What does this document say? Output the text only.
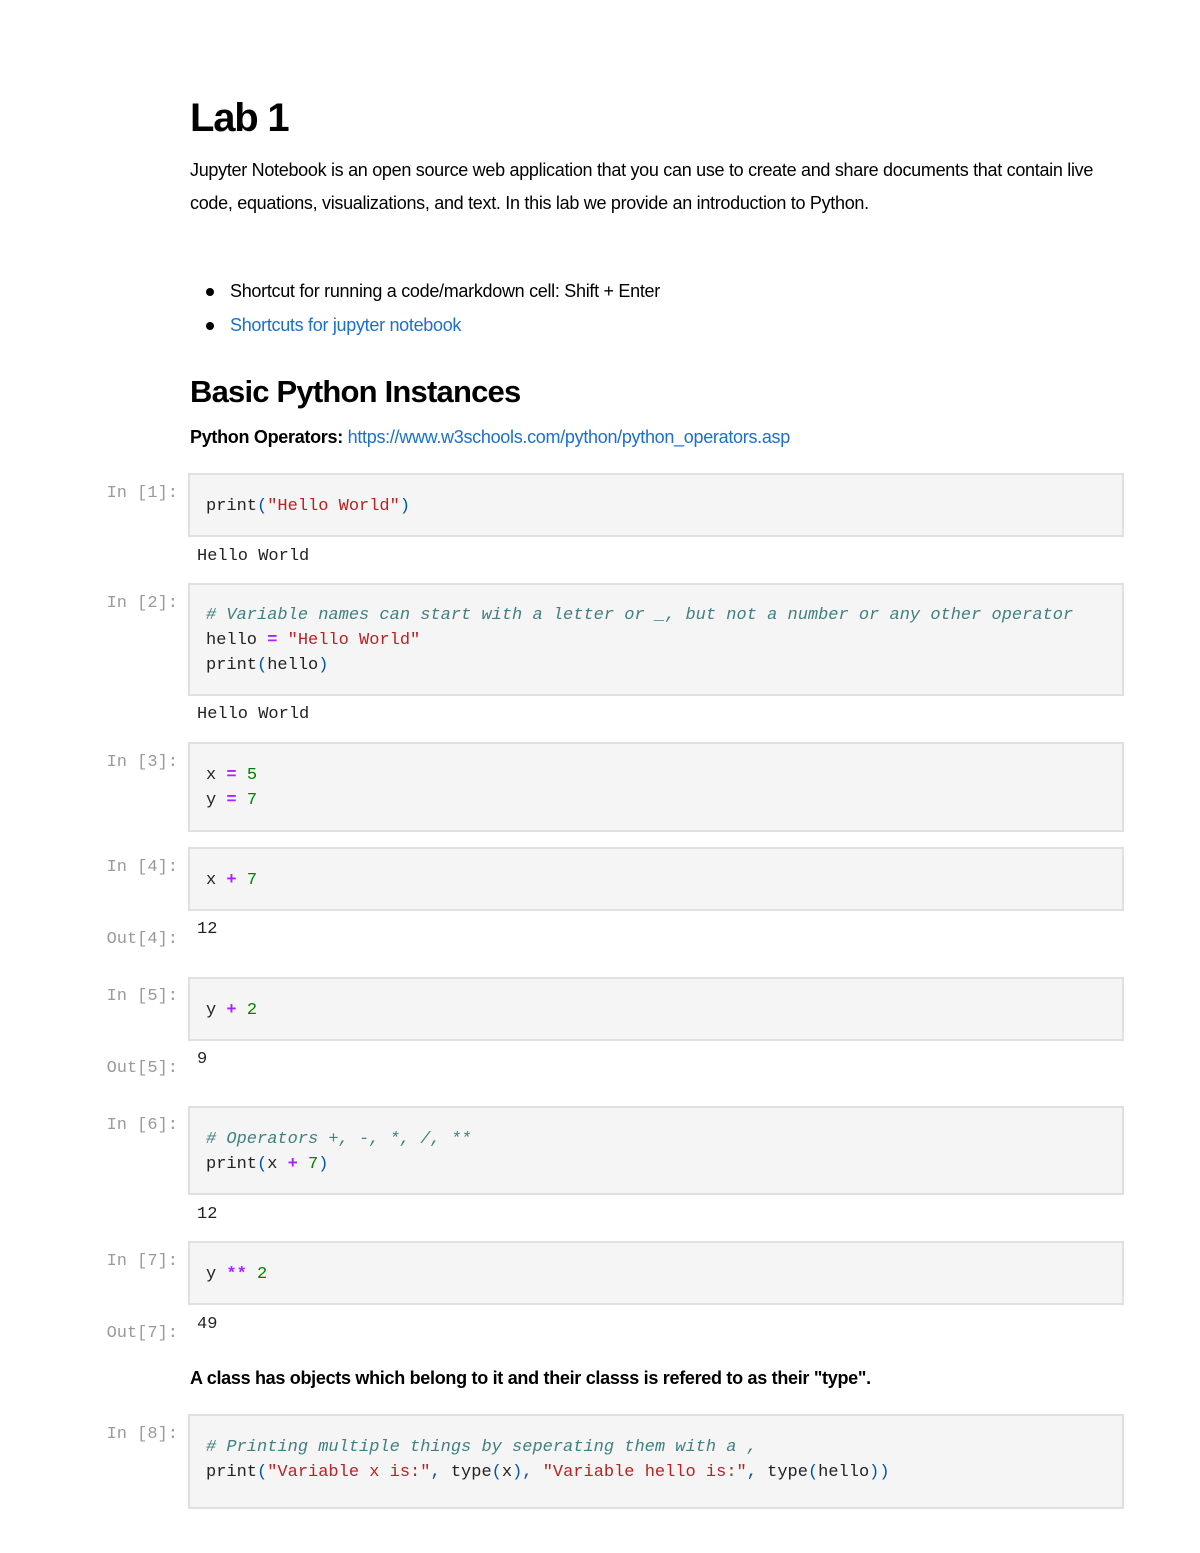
Lab 1

Jupyter Notebook is an open source web application that you can use to create and share documents that contain live code, equations, visualizations, and text. In this lab we provide an introduction to Python.

Shortcut for running a code/markdown cell: Shift + Enter
Shortcuts for jupyter notebook
Basic Python Instances

Python Operators: https://www.w3schools.com/python/python_operators.asp

In [1]:
print("Hello World")
Hello World
In [2]:
# Variable names can start with a letter or _, but not a number or any other operator
hello = "Hello World"
print(hello)
Hello World
In [3]:
x = 5
y = 7
In [4]:
x + 7
Out[4]:
12
In [5]:
y + 2
Out[5]: 9
In [6]:
# Operators +, -, *, /, **
print(x + 7)
12
In [7]:
y ** 2
Out[7]: 49

A class has objects which belong to it and their classs is refered to as their "type".

In [8]:
# Printing multiple things by seperating them with a ,
print("Variable x is:", type(x), "Variable hello is:", type(hello))
